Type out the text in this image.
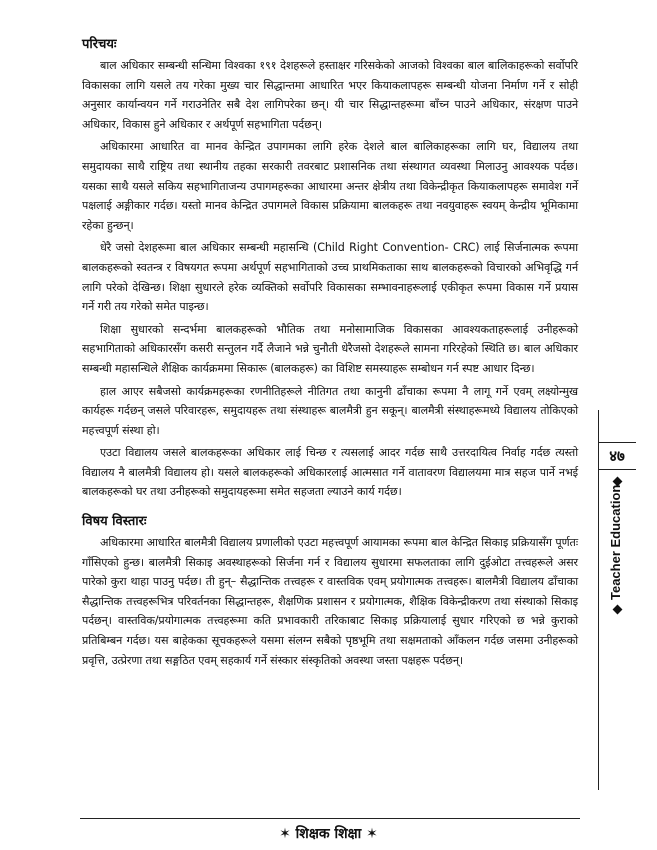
परिचयः

बाल अधिकार सम्बन्धी सन्धिमा विश्वका १९१ देशहरूले हस्ताक्षर गरिसकेको आजको विश्वका बाल बालिकाहरूको सर्वोपरि विकासका लागि यसले तय गरेका मुख्य चार सिद्धान्तमा आधारित भएर कियाकलापहरू सम्बन्धी योजना निर्माण गर्ने र सोही अनुसार कार्यान्वयन गर्ने गराउनेतिर सबै देश लागिपरेका छन्। यी चार सिद्धान्तहरूमा बाँच्न पाउने अधिकार, संरक्षण पाउने अधिकार, विकास हुने अधिकार र अर्थपूर्ण सहभागिता पर्दछन्।

अधिकारमा आधारित वा मानव केन्द्रित उपागमका लागि हरेक देशले बाल बालिकाहरूका लागि घर, विद्यालय तथा समुदायका साथै राष्ट्रिय तथा स्थानीय तहका सरकारी तवरबाट प्रशासनिक तथा संस्थागत व्यवस्था मिलाउनु आवश्यक पर्दछ। यसका साथै यसले सकिय सहभागिताजन्य उपागमहरूका आधारमा अन्तर क्षेत्रीय तथा विकेन्द्रीकृत कियाकलापहरू समावेश गर्ने पक्षलाई अङ्गीकार गर्दछ। यस्तो मानव केन्द्रित उपागमले विकास प्रक्रियामा बालकहरू तथा नवयुवाहरू स्वयम् केन्द्रीय भूमिकामा रहेका हुन्छन्।

धेरै जसो देशहरूमा बाल अधिकार सम्बन्धी महासन्धि (Child Right Convention- CRC) लाई सिर्जनात्मक रूपमा बालकहरूको स्वतन्त्र र विषयगत रूपमा अर्थपूर्ण सहभागिताको उच्च प्राथमिकताका साथ बालकहरूको विचारको अभिवृद्धि गर्न लागि परेको देखिन्छ। शिक्षा सुधारले हरेक व्यक्तिको सर्वोपरि विकासका सम्भावनाहरूलाई एकीकृत रूपमा विकास गर्ने प्रयास गर्ने गरी तय गरेको समेत पाइन्छ।

शिक्षा सुधारको सन्दर्भमा बालकहरूको भौतिक तथा मनोसामाजिक विकासका आवश्यकताहरूलाई उनीहरूको सहभागिताको अधिकारसँग कसरी सन्तुलन गर्दै लैजाने भन्ने चुनौती धेरैजसो देशहरूले सामना गरिरहेको स्थिति छ। बाल अधिकार सम्बन्धी महासन्धिले शैक्षिक कार्यक्रममा सिकारू (बालकहरू) का विशिष्ट समस्याहरू सम्बोधन गर्न स्पष्ट आधार दिन्छ।

हाल आएर सबैजसो कार्यक्रमहरूका रणनीतिहरूले नीतिगत तथा कानुनी ढाँचाका रूपमा नै लागू गर्ने एवम् लक्ष्योन्मुख कार्यहरू गर्दछन् जसले परिवारहरू, समुदायहरू तथा संस्थाहरू बालमैत्री हुन सकून्। बालमैत्री संस्थाहरूमध्ये विद्यालय तोकिएको महत्त्वपूर्ण संस्था हो।

एउटा विद्यालय जसले बालकहरूका अधिकार लाई चिन्छ र त्यसलाई आदर गर्दछ साथै उत्तरदायित्व निर्वाह गर्दछ त्यस्तो विद्यालय नै बालमैत्री विद्यालय हो। यसले बालकहरूको अधिकारलाई आत्मसात गर्ने वातावरण विद्यालयमा मात्र सहज पार्ने नभई बालकहरूको घर तथा उनीहरूको समुदायहरूमा समेत सहजता ल्याउने कार्य गर्दछ।

विषय विस्तारः

अधिकारमा आधारित बालमैत्री विद्यालय प्रणालीको एउटा महत्त्वपूर्ण आयामका रूपमा बाल केन्द्रित सिकाइ प्रक्रियासँग पूर्णतः गाँसिएको हुन्छ। बालमैत्री सिकाइ अवस्थाहरूको सिर्जना गर्न र विद्यालय सुधारमा सफलताका लागि दुईओटा तत्त्वहरूले असर पारेको कुरा थाहा पाउनु पर्दछ। ती हुन्– सैद्धान्तिक तत्त्वहरू र वास्तविक एवम् प्रयोगात्मक तत्त्वहरू। बालमैत्री विद्यालय ढाँचाका सैद्धान्तिक तत्त्वहरूभित्र परिवर्तनका सिद्धान्तहरू, शैक्षणिक प्रशासन र प्रयोगात्मक, शैक्षिक विकेन्द्रीकरण तथा संस्थाको सिकाइ पर्दछन्। वास्तविक/प्रयोगात्मक तत्त्वहरूमा कति प्रभावकारी तरिकाबाट सिकाइ प्रक्रियालाई सुधार गरिएको छ भन्ने कुराको प्रतिबिम्बन गर्दछ। यस बाहेकका सूचकहरूले यसमा संलग्न सबैको पृष्ठभूमि तथा सक्षमताको आँकलन गर्दछ जसमा उनीहरूको प्रवृत्ति, उत्प्रेरणा तथा सङ्गठित एवम् सहकार्य गर्ने संस्कार संस्कृतिको अवस्था जस्ता पक्षहरू पर्दछन्।

४७
Teacher Education
✶ शिक्षक शिक्षा ✶
